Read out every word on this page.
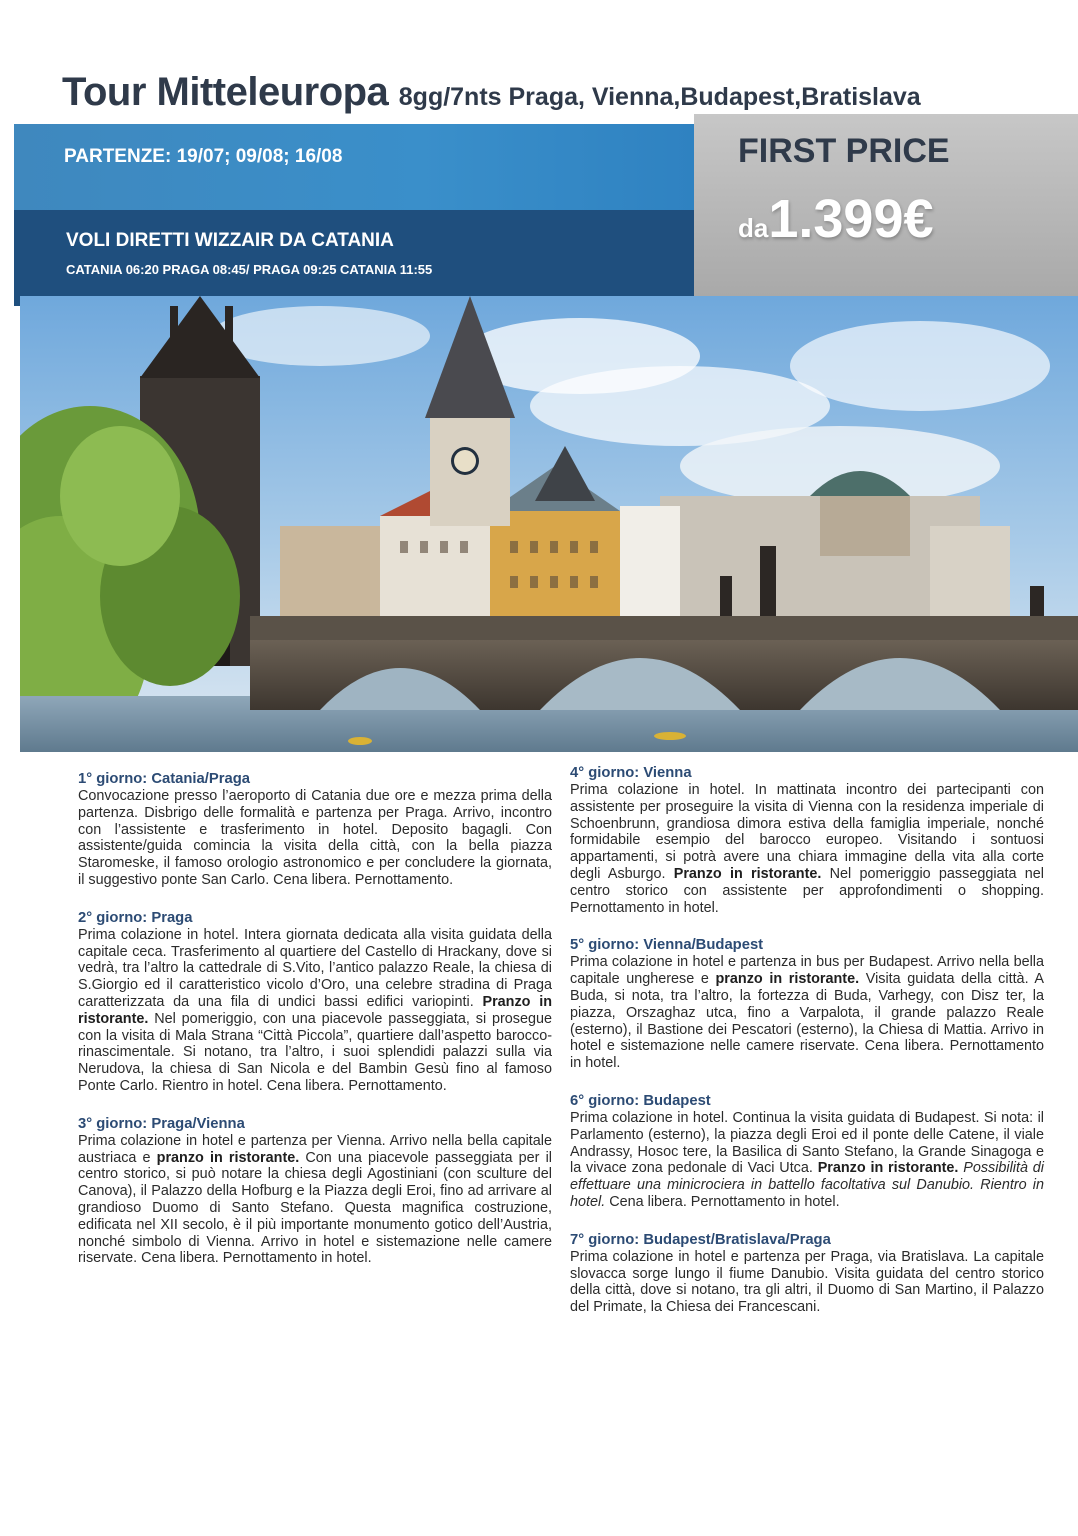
Tour Mitteleuropa 8gg/7nts Praga, Vienna,Budapest,Bratislava
PARTENZE: 19/07; 09/08; 16/08
VOLI DIRETTI WIZZAIR DA CATANIA
CATANIA 06:20 PRAGA 08:45/ PRAGA 09:25 CATANIA 11:55
FIRST PRICE
da1.399€
1° giorno: Catania/Praga

Convocazione presso l’aeroporto di Catania due ore e mezza prima della partenza. Disbrigo delle formalità e partenza per Praga. Arrivo, incontro con l’assistente e trasferimento in hotel. Deposito bagagli. Con assistente/guida comincia la visita della città, con la bella piazza Staromeske, il famoso orologio astronomico e per concludere la giornata, il suggestivo ponte San Carlo. Cena libera. Pernottamento.

2° giorno: Praga

Prima colazione in hotel. Intera giornata dedicata alla visita guidata della capitale ceca. Trasferimento al quartiere del Castello di Hrackany, dove si vedrà, tra l’altro la cattedrale di S.Vito, l’antico palazzo Reale, la chiesa di S.Giorgio ed il caratteristico vicolo d’Oro, una celebre stradina di Praga caratterizzata da una fila di undici bassi edifici variopinti. Pranzo in ristorante. Nel pomeriggio, con una piacevole passeggiata, si prosegue con la visita di Mala Strana “Città Piccola”, quartiere dall’aspetto barocco-rinascimentale. Si notano, tra l’altro, i suoi splendidi palazzi sulla via Nerudova, la chiesa di San Nicola e del Bambin Gesù fino al famoso Ponte Carlo. Rientro in hotel. Cena libera. Pernottamento.

3° giorno: Praga/Vienna

Prima colazione in hotel e partenza per Vienna. Arrivo nella bella capitale austriaca e pranzo in ristorante. Con una piacevole passeggiata per il centro storico, si può notare la chiesa degli Agostiniani (con sculture del Canova), il Palazzo della Hofburg e la Piazza degli Eroi, fino ad arrivare al grandioso Duomo di Santo Stefano. Questa magnifica costruzione, edificata nel XII secolo, è il più importante monumento gotico dell’Austria, nonché simbolo di Vienna. Arrivo in hotel e sistemazione nelle camere riservate. Cena libera. Pernottamento in hotel.

4° giorno: Vienna

Prima colazione in hotel. In mattinata incontro dei partecipanti con assistente per proseguire la visita di Vienna con la residenza imperiale di Schoenbrunn, grandiosa dimora estiva della famiglia imperiale, nonché formidabile esempio del barocco europeo. Visitando i sontuosi appartamenti, si potrà avere una chiara immagine della vita alla corte degli Asburgo. Pranzo in ristorante. Nel pomeriggio passeggiata nel centro storico con assistente per approfondimenti o shopping. Pernottamento in hotel.

5° giorno: Vienna/Budapest

Prima colazione in hotel e partenza in bus per Budapest. Arrivo nella bella capitale ungherese e pranzo in ristorante. Visita guidata della città. A Buda, si nota, tra l’altro, la fortezza di Buda, Varhegy, con Disz ter, la piazza, Orszaghaz utca, fino a Varpalota, il grande palazzo Reale (esterno), il Bastione dei Pescatori (esterno), la Chiesa di Mattia. Arrivo in hotel e sistemazione nelle camere riservate. Cena libera. Pernottamento in hotel.

6° giorno: Budapest

Prima colazione in hotel. Continua la visita guidata di Budapest. Si nota: il Parlamento (esterno), la piazza degli Eroi ed il ponte delle Catene, il viale Andrassy, Hosoc tere, la Basilica di Santo Stefano, la Grande Sinagoga e la vivace zona pedonale di Vaci Utca. Pranzo in ristorante. Possibilità di effettuare una minicrociera in battello facoltativa sul Danubio. Rientro in hotel. Cena libera. Pernottamento in hotel.

7° giorno: Budapest/Bratislava/Praga

Prima colazione in hotel e partenza per Praga, via Bratislava. La capitale slovacca sorge lungo il fiume Danubio. Visita guidata del centro storico della città, dove si notano, tra gli altri, il Duomo di San Martino, il Palazzo del Primate, la Chiesa dei Francescani.
